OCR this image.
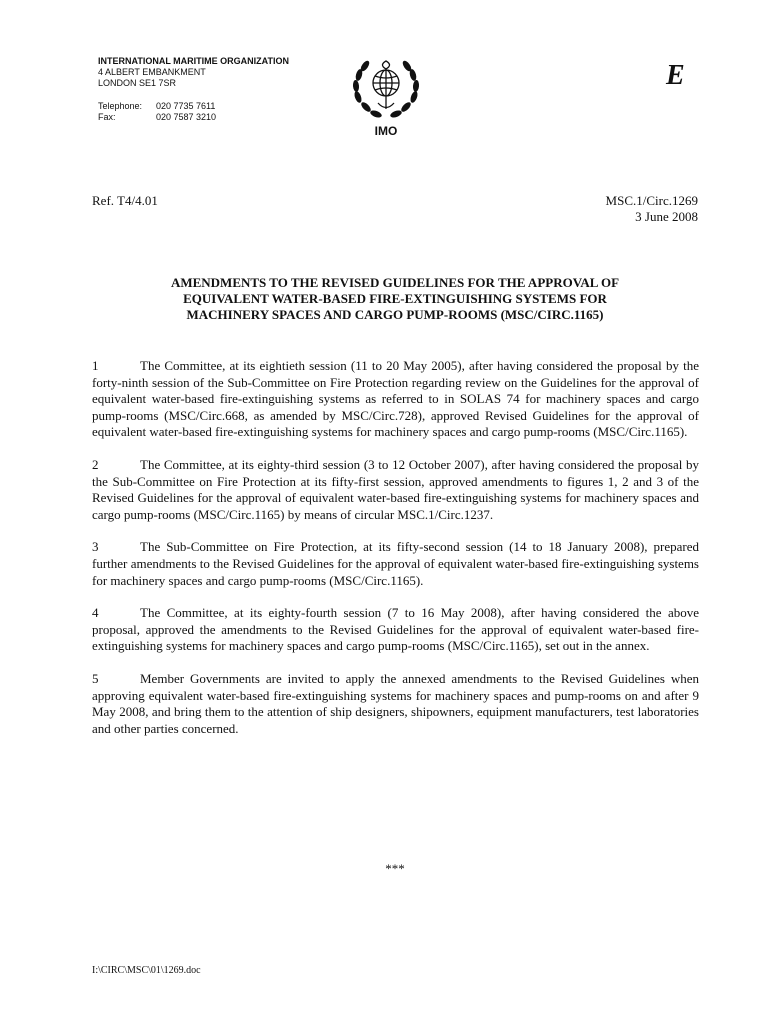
INTERNATIONAL MARITIME ORGANIZATION
4 ALBERT EMBANKMENT
LONDON SE1 7SR
Telephone:	020 7735 7611
Fax:	020 7587 3210
IMO
E
Ref. T4/4.01	MSC.1/Circ.1269
3 June 2008
AMENDMENTS TO THE REVISED GUIDELINES FOR THE APPROVAL OF
EQUIVALENT WATER-BASED FIRE-EXTINGUISHING SYSTEMS FOR
MACHINERY SPACES AND CARGO PUMP-ROOMS (MSC/CIRC.1165)

1	The Committee, at its eightieth session (11 to 20 May 2005), after having considered the proposal by the forty-ninth session of the Sub-Committee on Fire Protection regarding review on the Guidelines for the approval of equivalent water-based fire-extinguishing systems as referred to in SOLAS 74 for machinery spaces and cargo pump-rooms (MSC/Circ.668, as amended by MSC/Circ.728), approved Revised Guidelines for the approval of equivalent water-based fire-extinguishing systems for machinery spaces and cargo pump-rooms (MSC/Circ.1165).

2	The Committee, at its eighty-third session (3 to 12 October 2007), after having considered the proposal by the Sub-Committee on Fire Protection at its fifty-first session, approved amendments to figures 1, 2 and 3 of the Revised Guidelines for the approval of equivalent water-based fire-extinguishing systems for machinery spaces and cargo pump-rooms (MSC/Circ.1165) by means of circular MSC.1/Circ.1237.

3	The Sub-Committee on Fire Protection, at its fifty-second session (14 to 18 January 2008), prepared further amendments to the Revised Guidelines for the approval of equivalent water-based fire-extinguishing systems for machinery spaces and cargo pump-rooms (MSC/Circ.1165).

4	The Committee, at its eighty-fourth session (7 to 16 May 2008), after having considered the above proposal, approved the amendments to the Revised Guidelines for the approval of equivalent water-based fire-extinguishing systems for machinery spaces and cargo pump-rooms (MSC/Circ.1165), set out in the annex.

5	Member Governments are invited to apply the annexed amendments to the Revised Guidelines when approving equivalent water-based fire-extinguishing systems for machinery spaces and pump-rooms on and after 9 May 2008, and bring them to the attention of ship designers, shipowners, equipment manufacturers, test laboratories and other parties concerned.

***
I:\CIRC\MSC\01\1269.doc
